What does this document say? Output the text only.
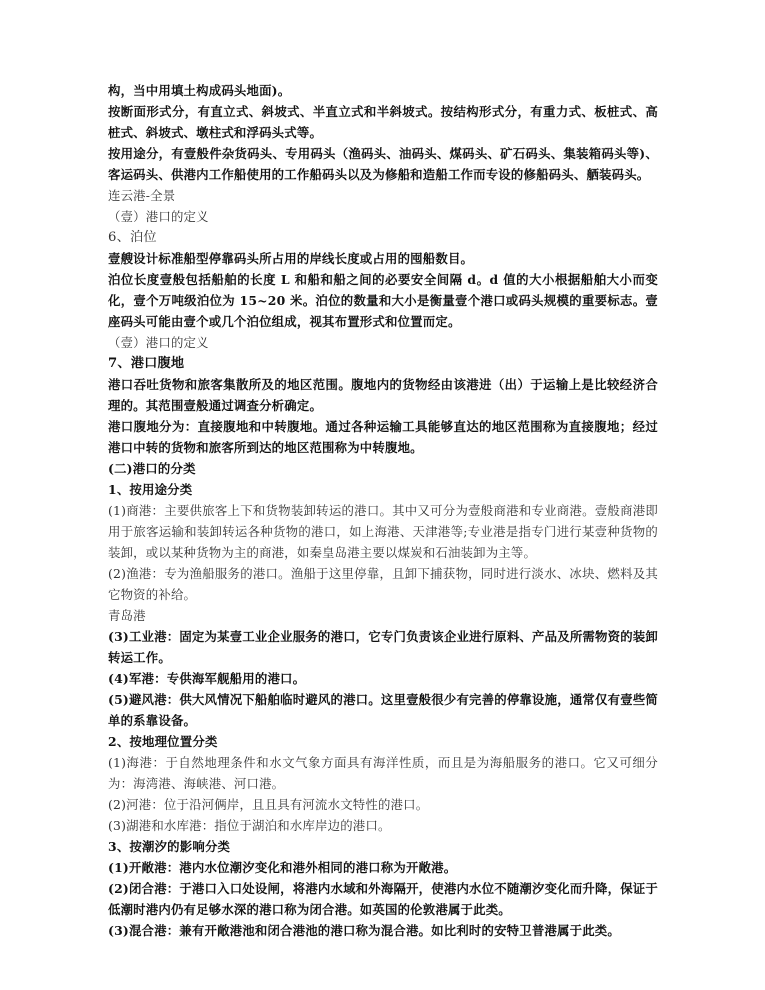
构，当中用填土构成码头地面)。

按断面形式分，有直立式、斜坡式、半直立式和半斜坡式。按结构形式分，有重力式、板桩式、高桩式、斜坡式、墩柱式和浮码头式等。

按用途分，有壹般件杂货码头、专用码头（渔码头、油码头、煤码头、矿石码头、集装箱码头等)、客运码头、供港内工作船使用的工作船码头以及为修船和造船工作而专设的修船码头、舾装码头。

连云港-全景

（壹）港口的定义

6、泊位

壹艘设计标准船型停靠码头所占用的岸线长度或占用的囤船数目。

泊位长度壹般包括船舶的长度 L 和船和船之间的必要安全间隔 d。d 值的大小根据船舶大小而变化，壹个万吨级泊位为 15~20 米。泊位的数量和大小是衡量壹个港口或码头规模的重要标志。壹座码头可能由壹个或几个泊位组成，视其布置形式和位置而定。

（壹）港口的定义

7、港口腹地

港口吞吐货物和旅客集散所及的地区范围。腹地内的货物经由该港进（出）于运输上是比较经济合理的。其范围壹般通过调查分析确定。

港口腹地分为：直接腹地和中转腹地。通过各种运输工具能够直达的地区范围称为直接腹地；经过港口中转的货物和旅客所到达的地区范围称为中转腹地。

(二)港口的分类

1、按用途分类

(1)商港：主要供旅客上下和货物装卸转运的港口。其中又可分为壹般商港和专业商港。壹般商港即用于旅客运输和装卸转运各种货物的港口，如上海港、天津港等;专业港是指专门进行某壹种货物的装卸，或以某种货物为主的商港，如秦皇岛港主要以煤炭和石油装卸为主等。

(2)渔港：专为渔船服务的港口。渔船于这里停靠，且卸下捕获物，同时进行淡水、冰块、燃料及其它物资的补给。

青岛港

(3)工业港：固定为某壹工业企业服务的港口，它专门负责该企业进行原料、产品及所需物资的装卸转运工作。

(4)军港：专供海军舰船用的港口。

(5)避风港：供大风情况下船舶临时避风的港口。这里壹般很少有完善的停靠设施，通常仅有壹些简单的系靠设备。

2、按地理位置分类

(1)海港：于自然地理条件和水文气象方面具有海洋性质，而且是为海船服务的港口。它又可细分为：海湾港、海峡港、河口港。

(2)河港：位于沿河俩岸，且且具有河流水文特性的港口。

(3)湖港和水库港：指位于湖泊和水库岸边的港口。

3、按潮汐的影响分类

(1)开敞港：港内水位潮汐变化和港外相同的港口称为开敞港。

(2)闭合港：于港口入口处设闸，将港内水域和外海隔开，使港内水位不随潮汐变化而升降，保证于低潮时港内仍有足够水深的港口称为闭合港。如英国的伦敦港属于此类。

(3)混合港：兼有开敞港池和闭合港池的港口称为混合港。如比利时的安特卫普港属于此类。
